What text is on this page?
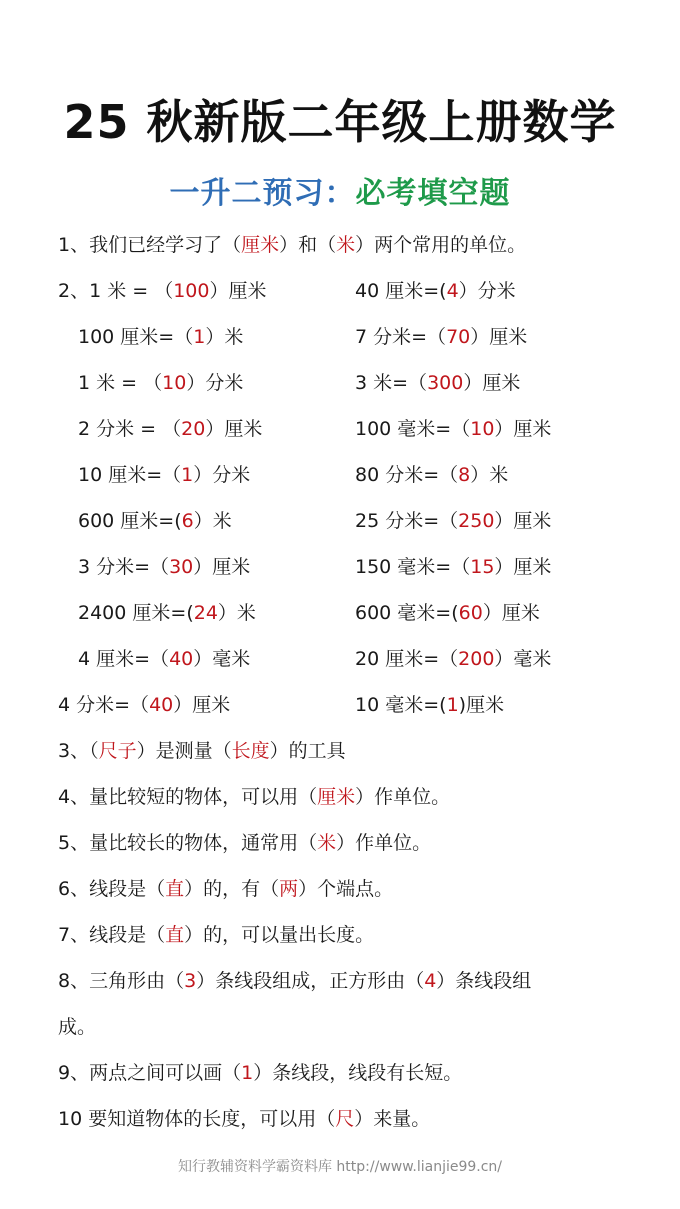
25 秋新版二年级上册数学
一升二预习：必考填空题
1、我们已经学习了（厘米）和（米）两个常用的单位。
2、1 米 = （100）厘米
100 厘米=（1）米
1 米 = （10）分米
2 分米 = （20）厘米
10 厘米=（1）分米
600 厘米=(6）米
3 分米=（30）厘米
2400 厘米=(24）米
4 厘米=（40）毫米
4 分米=（40）厘米
40 厘米=(4）分米
7 分米=（70）厘米
3 米=（300）厘米
100 毫米=（10）厘米
80 分米=（8）米
25 分米=（250）厘米
150 毫米=（15）厘米
600 毫米=(60）厘米
20 厘米=（200）毫米
10 毫米=(1)厘米
3、（尺子）是测量（长度）的工具
4、量比较短的物体，可以用（厘米）作单位。
5、量比较长的物体，通常用（米）作单位。
6、线段是（直）的，有（两）个端点。
7、线段是（直）的，可以量出长度。
8、三角形由（3）条线段组成，正方形由（4）条线段组
成。
9、两点之间可以画（1）条线段，线段有长短。
10 要知道物体的长度，可以用（尺）来量。
知行教辅资料学霸资料库 http://www.lianjie99.cn/
